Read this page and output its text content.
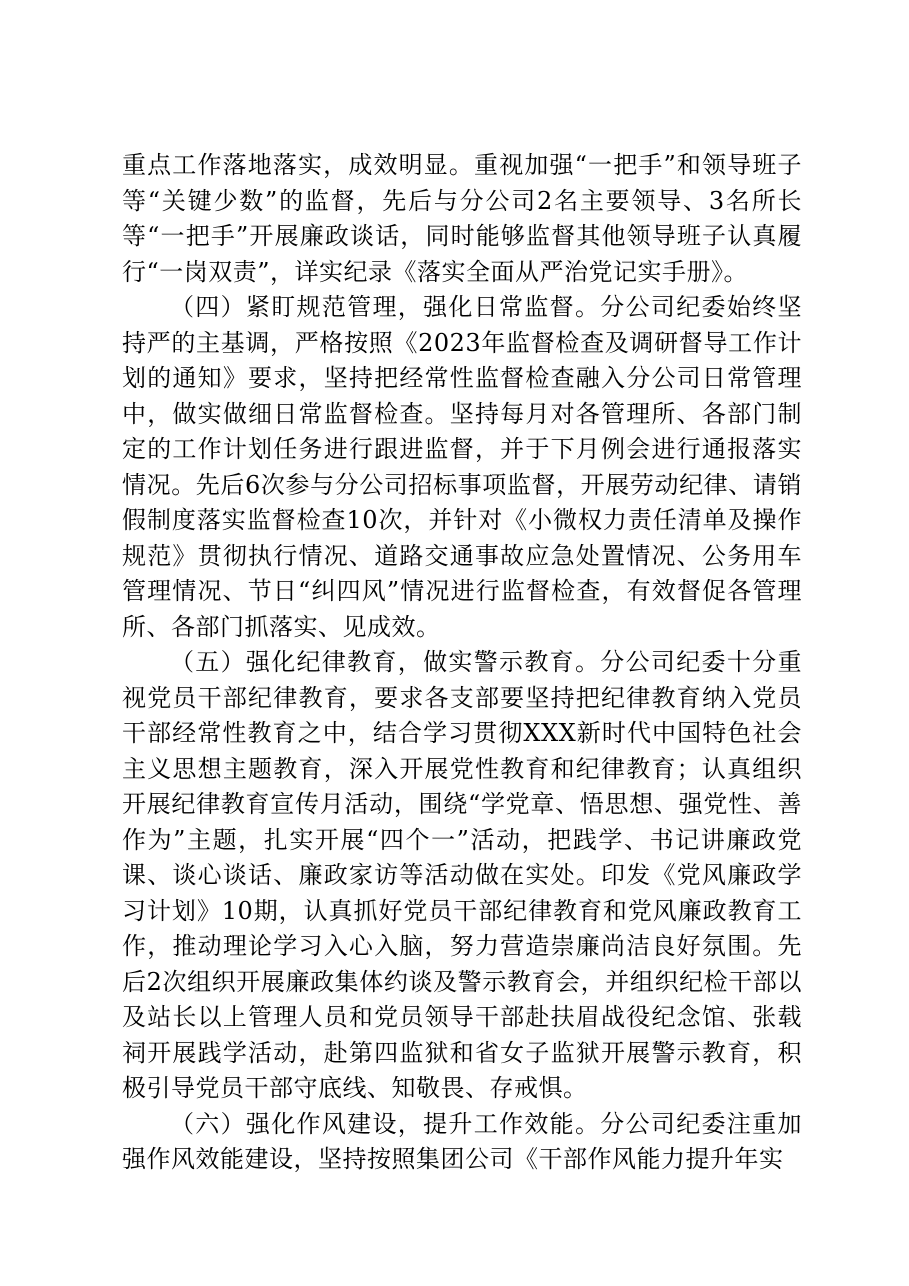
重点工作落地落实，成效明显。重视加强“一把手”和领导班子等“关键少数”的监督，先后与分公司2名主要领导、3名所长等“一把手”开展廉政谈话，同时能够监督其他领导班子认真履行“一岗双责”，详实纪录《落实全面从严治党记实手册》。

（四）紧盯规范管理，强化日常监督。分公司纪委始终坚持严的主基调，严格按照《2023年监督检查及调研督导工作计划的通知》要求，坚持把经常性监督检查融入分公司日常管理中，做实做细日常监督检查。坚持每月对各管理所、各部门制定的工作计划任务进行跟进监督，并于下月例会进行通报落实情况。先后6次参与分公司招标事项监督，开展劳动纪律、请销假制度落实监督检查10次，并针对《小微权力责任清单及操作规范》贯彻执行情况、道路交通事故应急处置情况、公务用车管理情况、节日“纠四风”情况进行监督检查，有效督促各管理所、各部门抓落实、见成效。

（五）强化纪律教育，做实警示教育。分公司纪委十分重视党员干部纪律教育，要求各支部要坚持把纪律教育纳入党员干部经常性教育之中，结合学习贯彻XXX新时代中国特色社会主义思想主题教育，深入开展党性教育和纪律教育；认真组织开展纪律教育宣传月活动，围绕“学党章、悟思想、强党性、善作为”主题，扎实开展“四个一”活动，把践学、书记讲廉政党课、谈心谈话、廉政家访等活动做在实处。印发《党风廉政学习计划》10期，认真抓好党员干部纪律教育和党风廉政教育工作，推动理论学习入心入脑，努力营造崇廉尚洁良好氛围。先后2次组织开展廉政集体约谈及警示教育会，并组织纪检干部以及站长以上管理人员和党员领导干部赴扶眉战役纪念馆、张载祠开展践学活动，赴第四监狱和省女子监狱开展警示教育，积极引导党员干部守底线、知敬畏、存戒惧。

（六）强化作风建设，提升工作效能。分公司纪委注重加强作风效能建设，坚持按照集团公司《干部作风能力提升年实
